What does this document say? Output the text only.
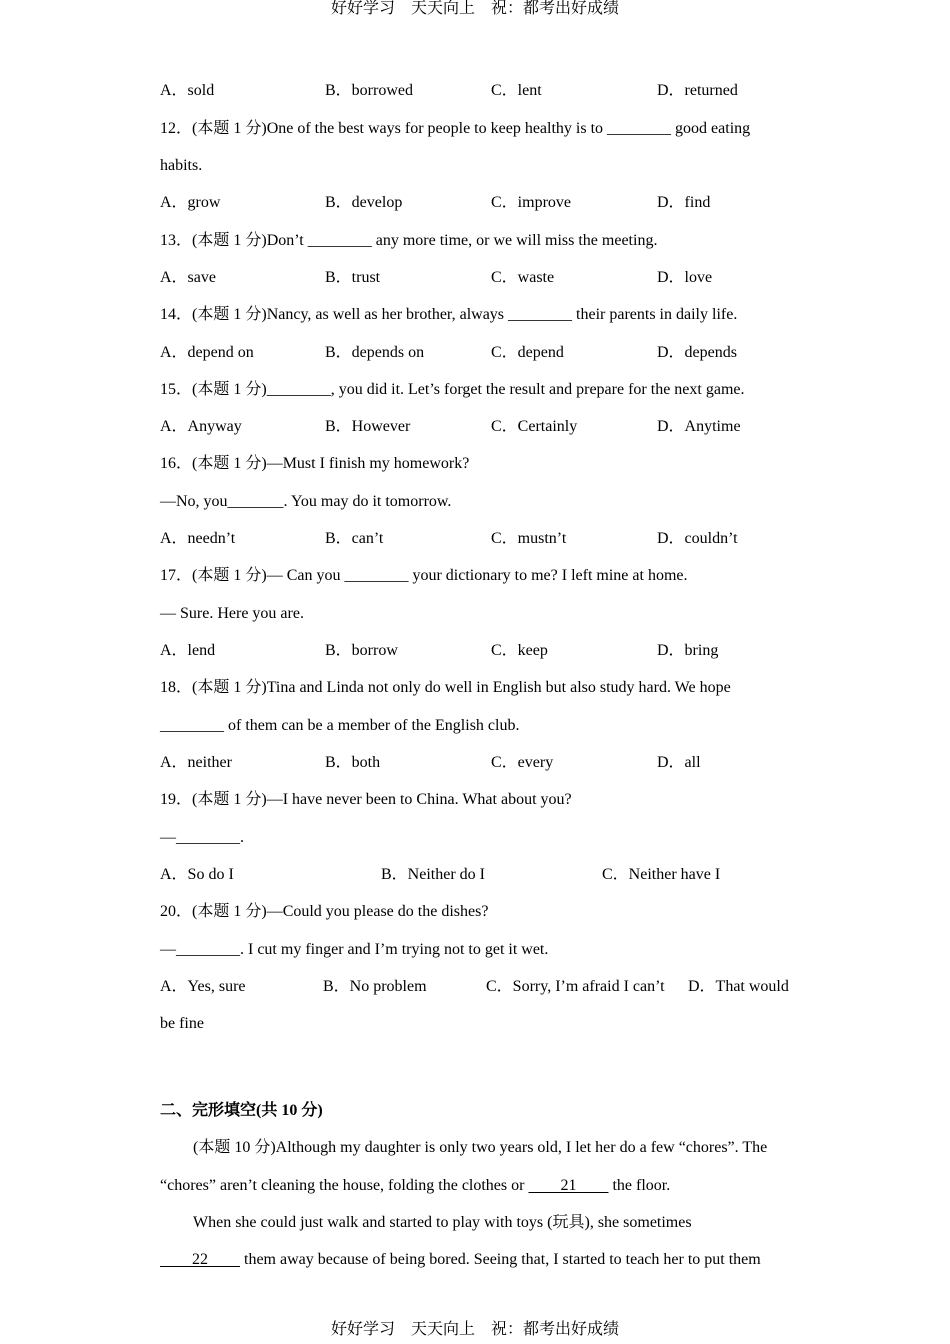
好好学习　天天向上　祝：都考出好成绩
A．sold	B．borrowed	C．lent	D．returned
12．(本题 1 分)One of the best ways for people to keep healthy is to ________ good eating
habits.
A．grow	B．develop	C．improve	D．find
13．(本题 1 分)Don’t ________ any more time, or we will miss the meeting.
A．save	B．trust	C．waste	D．love
14．(本题 1 分)Nancy, as well as her brother, always ________ their parents in daily life.
A．depend on	B．depends on	C．depend	D．depends
15．(本题 1 分)________, you did it. Let’s forget the result and prepare for the next game.
A．Anyway	B．However	C．Certainly	D．Anytime
16．(本题 1 分)—Must I finish my homework?
—No, you_______. You may do it tomorrow.
A．needn’t	B．can’t	C．mustn’t	D．couldn’t
17．(本题 1 分)— Can you ________ your dictionary to me? I left mine at home.
— Sure. Here you are.
A．lend	B．borrow	C．keep	D．bring
18．(本题 1 分)Tina and Linda not only do well in English but also study hard. We hope
________ of them can be a member of the English club.
A．neither	B．both	C．every	D．all
19．(本题 1 分)—I have never been to China. What about you?
—________.
A．So do I	B．Neither do I	C．Neither have I
20．(本题 1 分)—Could you please do the dishes?
—________. I cut my finger and I’m trying not to get it wet.
A．Yes, sure	B．No problem	C．Sorry, I’m afraid I can’t D．That would be fine
二、完形填空(共 10 分)
(本题 10 分)Although my daughter is only two years old, I let her do a few “chores”. The
“chores” aren’t cleaning the house, folding the clothes or 21 the floor.
When she could just walk and started to play with toys (玩具), she sometimes
22 them away because of being bored. Seeing that, I started to teach her to put them
好好学习　天天向上　祝：都考出好成绩
